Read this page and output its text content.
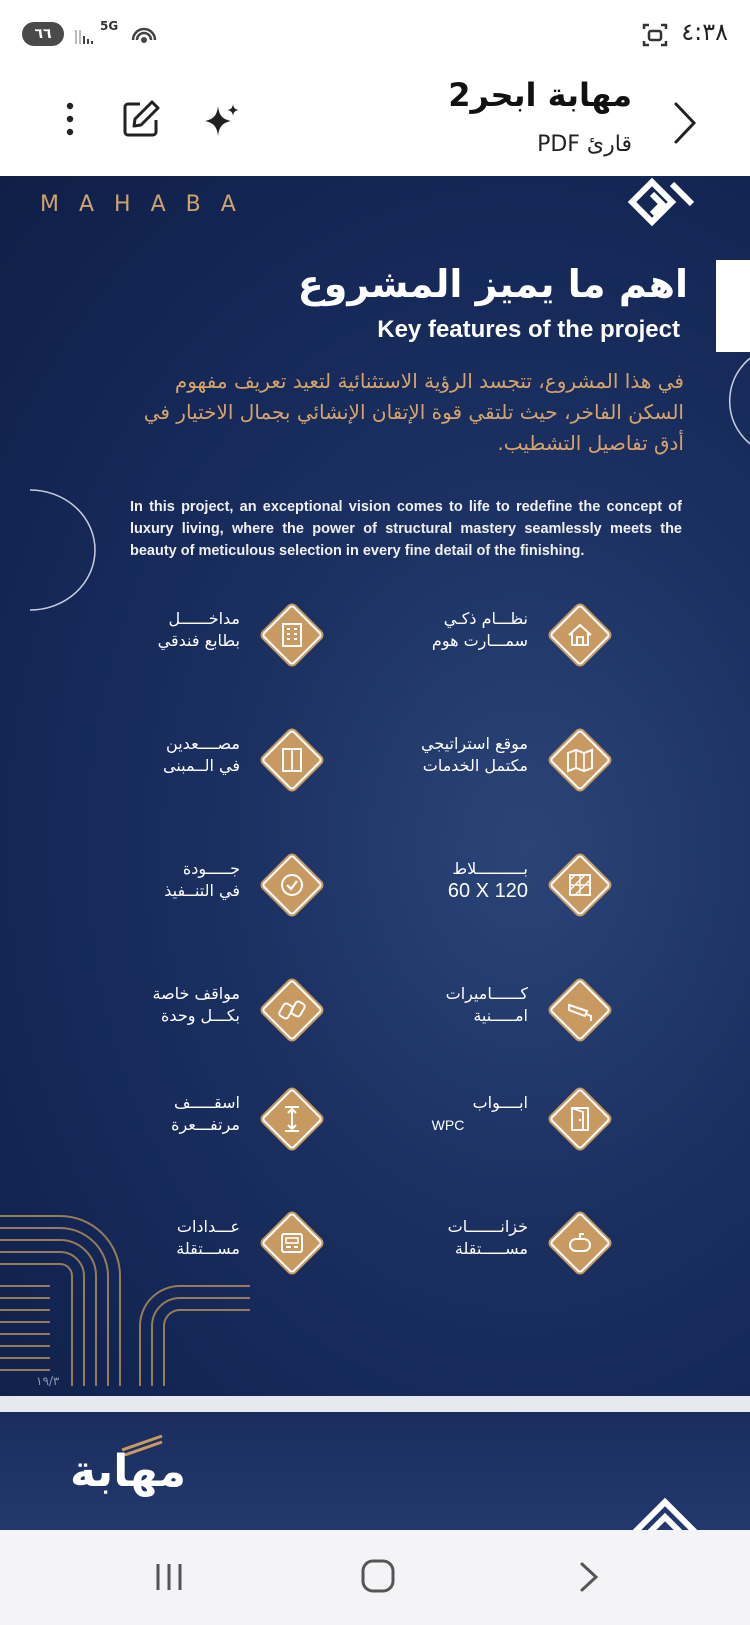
٦٦	5G	٤:٣٨
مهابة ابحر2
قارئ PDF
MAHABA
اهم ما يميز المشروع
Key features of the project
في هذا المشروع، تتجسد الرؤية الاستثنائية لتعيد تعريف مفهوم السكن الفاخر، حيث تلتقي قوة الإتقان الإنشائي بجمال الاختيار في أدق تفاصيل التشطيب.
In this project, an exceptional vision comes to life to redefine the concept of luxury living, where the power of structural mastery seamlessly meets the beauty of meticulous selection in every fine detail of the finishing.
نظـــام ذكـي
سمـــارت هوم
مداخــــــل
بطابع فندقي
موقع استراتيجي
مكتمل الخدمات
مصــــعدين
في الــمبنى
بــــــــــلاط

60 X 120
جـــــودة
في التنــفيذ
كــــــاميرات
امـــــنية
مواقف خاصة
بكـــل وحدة
ابــــواب

WPC
اسقـــــف
مرتفـــعرة
خزانـــــــات
مســـــتقلة
عـــدادات
مســـتقلة
١٩/٣
مهابة
